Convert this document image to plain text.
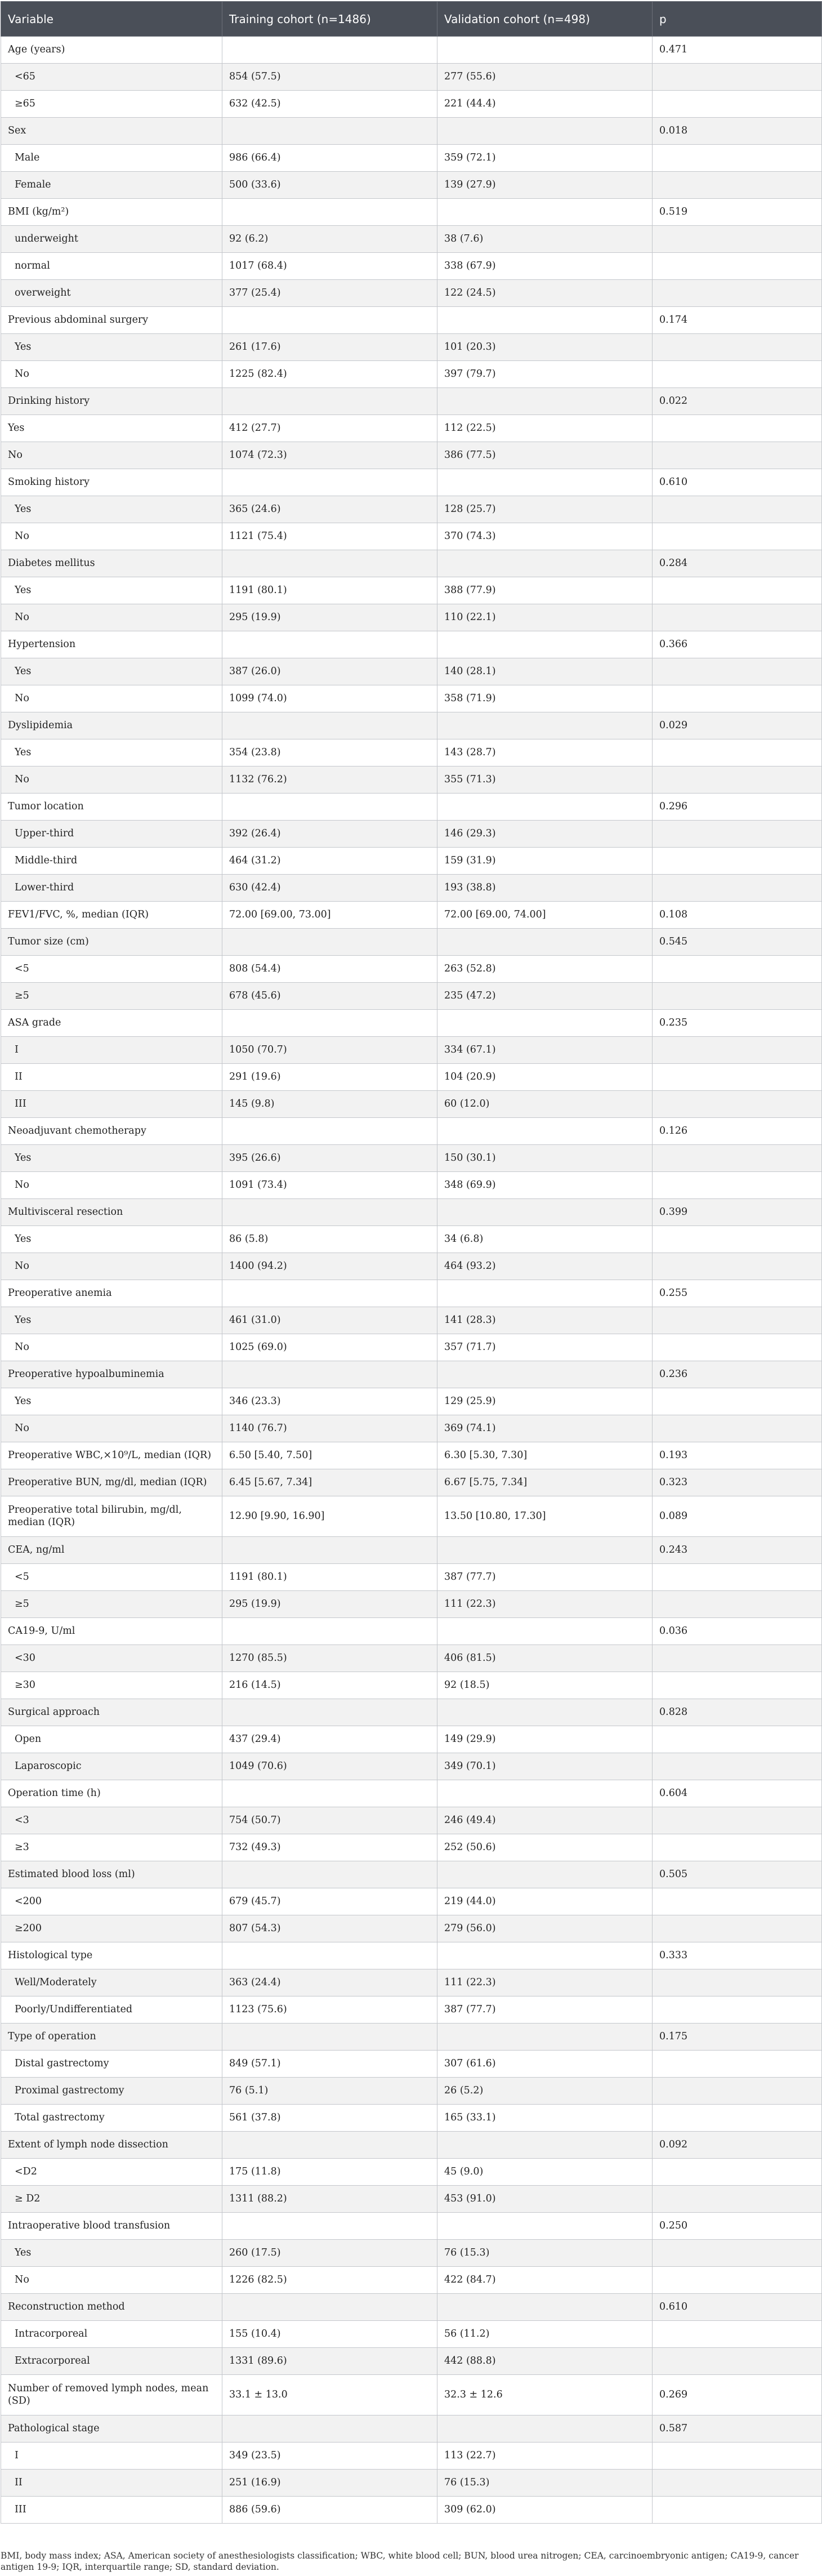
Variable	Training cohort (n=1486)	Validation cohort (n=498)	p
Age (years)			0.471
<65	854 (57.5)	277 (55.6)	
≥65	632 (42.5)	221 (44.4)	
Sex			0.018
Male	986 (66.4)	359 (72.1)	
Female	500 (33.6)	139 (27.9)	
BMI (kg/m²)			0.519
underweight	92 (6.2)	38 (7.6)	
normal	1017 (68.4)	338 (67.9)	
overweight	377 (25.4)	122 (24.5)	
Previous abdominal surgery			0.174
Yes	261 (17.6)	101 (20.3)	
No	1225 (82.4)	397 (79.7)	
Drinking history			0.022
Yes	412 (27.7)	112 (22.5)	
No	1074 (72.3)	386 (77.5)	
Smoking history			0.610
Yes	365 (24.6)	128 (25.7)	
No	1121 (75.4)	370 (74.3)	
Diabetes mellitus			0.284
Yes	1191 (80.1)	388 (77.9)	
No	295 (19.9)	110 (22.1)	
Hypertension			0.366
Yes	387 (26.0)	140 (28.1)	
No	1099 (74.0)	358 (71.9)	
Dyslipidemia			0.029
Yes	354 (23.8)	143 (28.7)	
No	1132 (76.2)	355 (71.3)	
Tumor location			0.296
Upper-third	392 (26.4)	146 (29.3)	
Middle-third	464 (31.2)	159 (31.9)	
Lower-third	630 (42.4)	193 (38.8)	
FEV1/FVC, %, median (IQR)	72.00 [69.00, 73.00]	72.00 [69.00, 74.00]	0.108
Tumor size (cm)			0.545
<5	808 (54.4)	263 (52.8)	
≥5	678 (45.6)	235 (47.2)	
ASA grade			0.235
I	1050 (70.7)	334 (67.1)	
II	291 (19.6)	104 (20.9)	
III	145 (9.8)	60 (12.0)	
Neoadjuvant chemotherapy			0.126
Yes	395 (26.6)	150 (30.1)	
No	1091 (73.4)	348 (69.9)	
Multivisceral resection			0.399
Yes	86 (5.8)	34 (6.8)	
No	1400 (94.2)	464 (93.2)	
Preoperative anemia			0.255
Yes	461 (31.0)	141 (28.3)	
No	1025 (69.0)	357 (71.7)	
Preoperative hypoalbuminemia			0.236
Yes	346 (23.3)	129 (25.9)	
No	1140 (76.7)	369 (74.1)	
Preoperative WBC,×10⁹/L, median (IQR)	6.50 [5.40, 7.50]	6.30 [5.30, 7.30]	0.193
Preoperative BUN, mg/dl, median (IQR)	6.45 [5.67, 7.34]	6.67 [5.75, 7.34]	0.323
Preoperative total bilirubin, mg/dl, median (IQR)	12.90 [9.90, 16.90]	13.50 [10.80, 17.30]	0.089
CEA, ng/ml			0.243
<5	1191 (80.1)	387 (77.7)	
≥5	295 (19.9)	111 (22.3)	
CA19-9, U/ml			0.036
<30	1270 (85.5)	406 (81.5)	
≥30	216 (14.5)	92 (18.5)	
Surgical approach			0.828
Open	437 (29.4)	149 (29.9)	
Laparoscopic	1049 (70.6)	349 (70.1)	
Operation time (h)			0.604
<3	754 (50.7)	246 (49.4)	
≥3	732 (49.3)	252 (50.6)	
Estimated blood loss (ml)			0.505
<200	679 (45.7)	219 (44.0)	
≥200	807 (54.3)	279 (56.0)	
Histological type			0.333
Well/Moderately	363 (24.4)	111 (22.3)	
Poorly/Undifferentiated	1123 (75.6)	387 (77.7)	
Type of operation			0.175
Distal gastrectomy	849 (57.1)	307 (61.6)	
Proximal gastrectomy	76 (5.1)	26 (5.2)	
Total gastrectomy	561 (37.8)	165 (33.1)	
Extent of lymph node dissection			0.092
<D2	175 (11.8)	45 (9.0)	
≥ D2	1311 (88.2)	453 (91.0)	
Intraoperative blood transfusion			0.250
Yes	260 (17.5)	76 (15.3)	
No	1226 (82.5)	422 (84.7)	
Reconstruction method			0.610
Intracorporeal	155 (10.4)	56 (11.2)	
Extracorporeal	1331 (89.6)	442 (88.8)	
Number of removed lymph nodes, mean (SD)	33.1 ± 13.0	32.3 ± 12.6	0.269
Pathological stage			0.587
I	349 (23.5)	113 (22.7)	
II	251 (16.9)	76 (15.3)	
III	886 (59.6)	309 (62.0)	
BMI, body mass index; ASA, American society of anesthesiologists classification; WBC, white blood cell; BUN, blood urea nitrogen; CEA, carcinoembryonic antigen; CA19-9, cancer antigen 19-9; IQR, interquartile range; SD, standard deviation.
